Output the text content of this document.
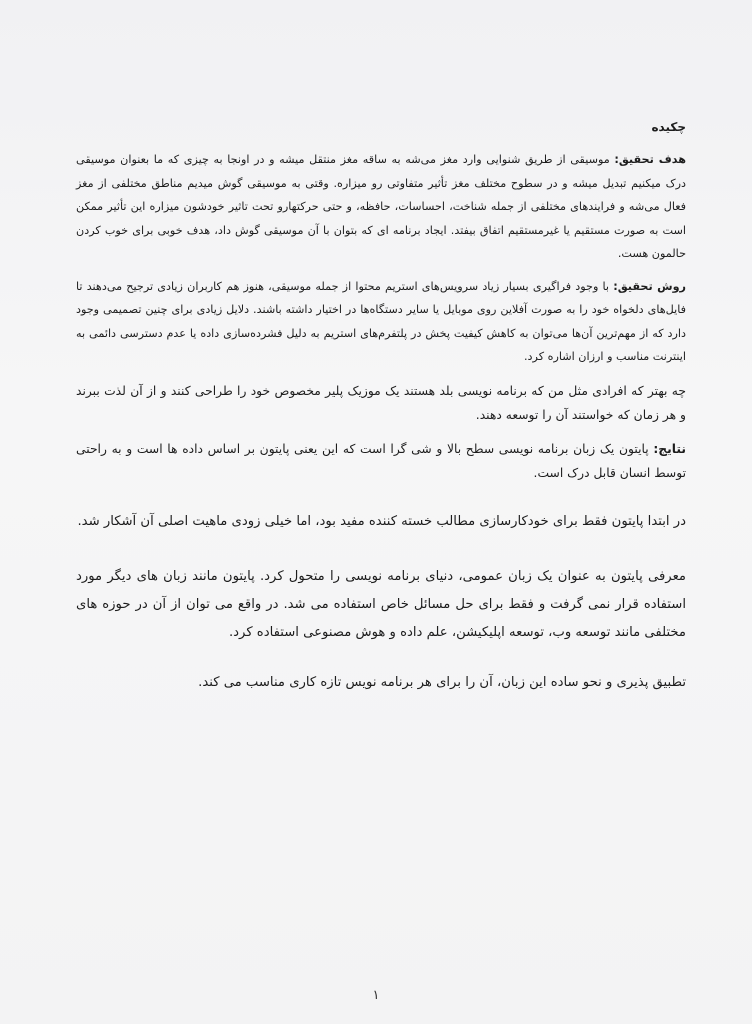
چکیده

هدف تحقیق: موسیقی از طریق شنوایی وارد مغز می‌شه به ساقه مغز منتقل میشه و در اونجا به چیزی که ما بعنوان موسیقی درک میکنیم تبدیل میشه و در سطوح مختلف مغز تأثیر متفاوتی رو میزاره. وقتی به موسیقی گوش میدیم مناطق مختلفی از مغز فعال می‌شه و فرایندهای مختلفی از جمله شناخت، احساسات، حافظه، و حتی حرکتهارو تحت تاثیر خودشون میزاره این تأثیر ممکن است به صورت مستقیم یا غیرمستقیم اتفاق بیفتد. ایجاد برنامه ای که بتوان با آن موسیقی گوش داد، هدف خوبی برای خوب کردن حالمون هست.

روش تحقیق: با وجود فراگیری بسیار زیاد سرویس‌های استریم محتوا از جمله موسیقی، هنوز هم کاربران زیادی ترجیح می‌دهند تا فایل‌های دلخواه خود را به صورت آفلاین روی موبایل یا سایر دستگاه‌ها در اختیار داشته باشند. دلایل زیادی برای چنین تصمیمی وجود دارد که از مهم‌ترین آن‌ها می‌توان به کاهش کیفیت پخش در پلتفرم‌های استریم به دلیل فشرده‌سازی داده یا عدم دسترسی دائمی به اینترنت مناسب و ارزان اشاره کرد.

چه بهتر که افرادی مثل من که برنامه نویسی بلد هستند یک موزیک پلیر مخصوص خود را طراحی کنند و از آن لذت ببرند و هر زمان که خواستند آن را توسعه دهند.

نتایج: پایتون یک زبان برنامه نویسی سطح بالا و شی گرا است که این یعنی پایتون بر اساس داده ها است و به راحتی توسط انسان قابل درک است.

در ابتدا پایتون فقط برای خودکارسازی مطالب خسته کننده مفید بود، اما خیلی زودی ماهیت اصلی آن آشکار شد.

معرفی پایتون به عنوان یک زبان عمومی، دنیای برنامه نویسی را متحول کرد. پایتون مانند زبان های دیگر مورد استفاده قرار نمی گرفت و فقط برای حل مسائل خاص استفاده می شد. در واقع می توان از آن در حوزه های مختلفی مانند توسعه وب، توسعه اپلیکیشن، علم داده و هوش مصنوعی استفاده کرد.

تطبیق پذیری و نحو ساده این زبان، آن را برای هر برنامه نویس تازه کاری مناسب می کند.

۱
